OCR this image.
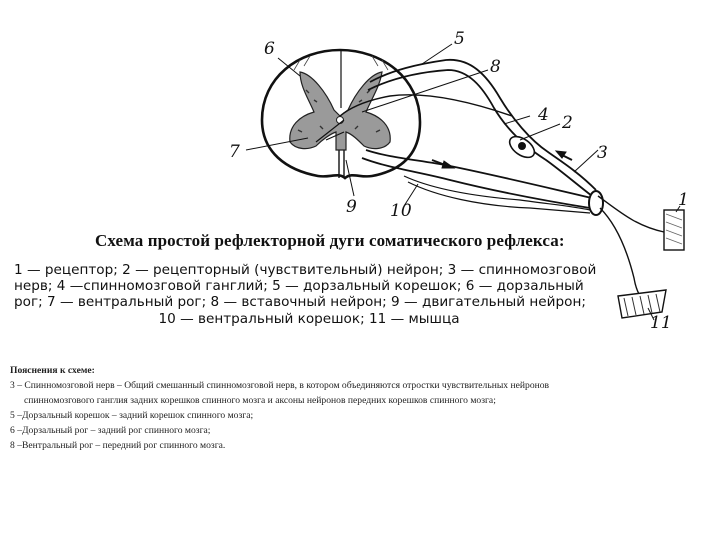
6
7
5
8
4 2
3
1
9 10
11
Схема простой рефлекторной дуги соматического рефлекса:
1 — рецептор; 2 — рецепторный (чувствительный) нейрон; 3 — спинномозговой
нерв; 4 —спинномозговой ганглий; 5 — дорзальный корешок; 6 — дорзальный
рог; 7 — вентральный рог; 8 — вставочный нейрон; 9 — двигательный нейрон;
10 — вентральный корешок; 11 — мышца
Пояснения к схеме:
3 – Спинномозговой нерв – Общий смешанный спинномозговой нерв, в котором объединяются отростки чувствительных нейронов
спинномозгового ганглия задних корешков спинного мозга и аксоны нейронов передних корешков спинного мозга;
5 –Дорзальный корешок – задний корешок спинного мозга;
6 –Дорзальный рог – задний рог спинного мозга;
8 –Вентральный рог – передний рог спинного мозга.
